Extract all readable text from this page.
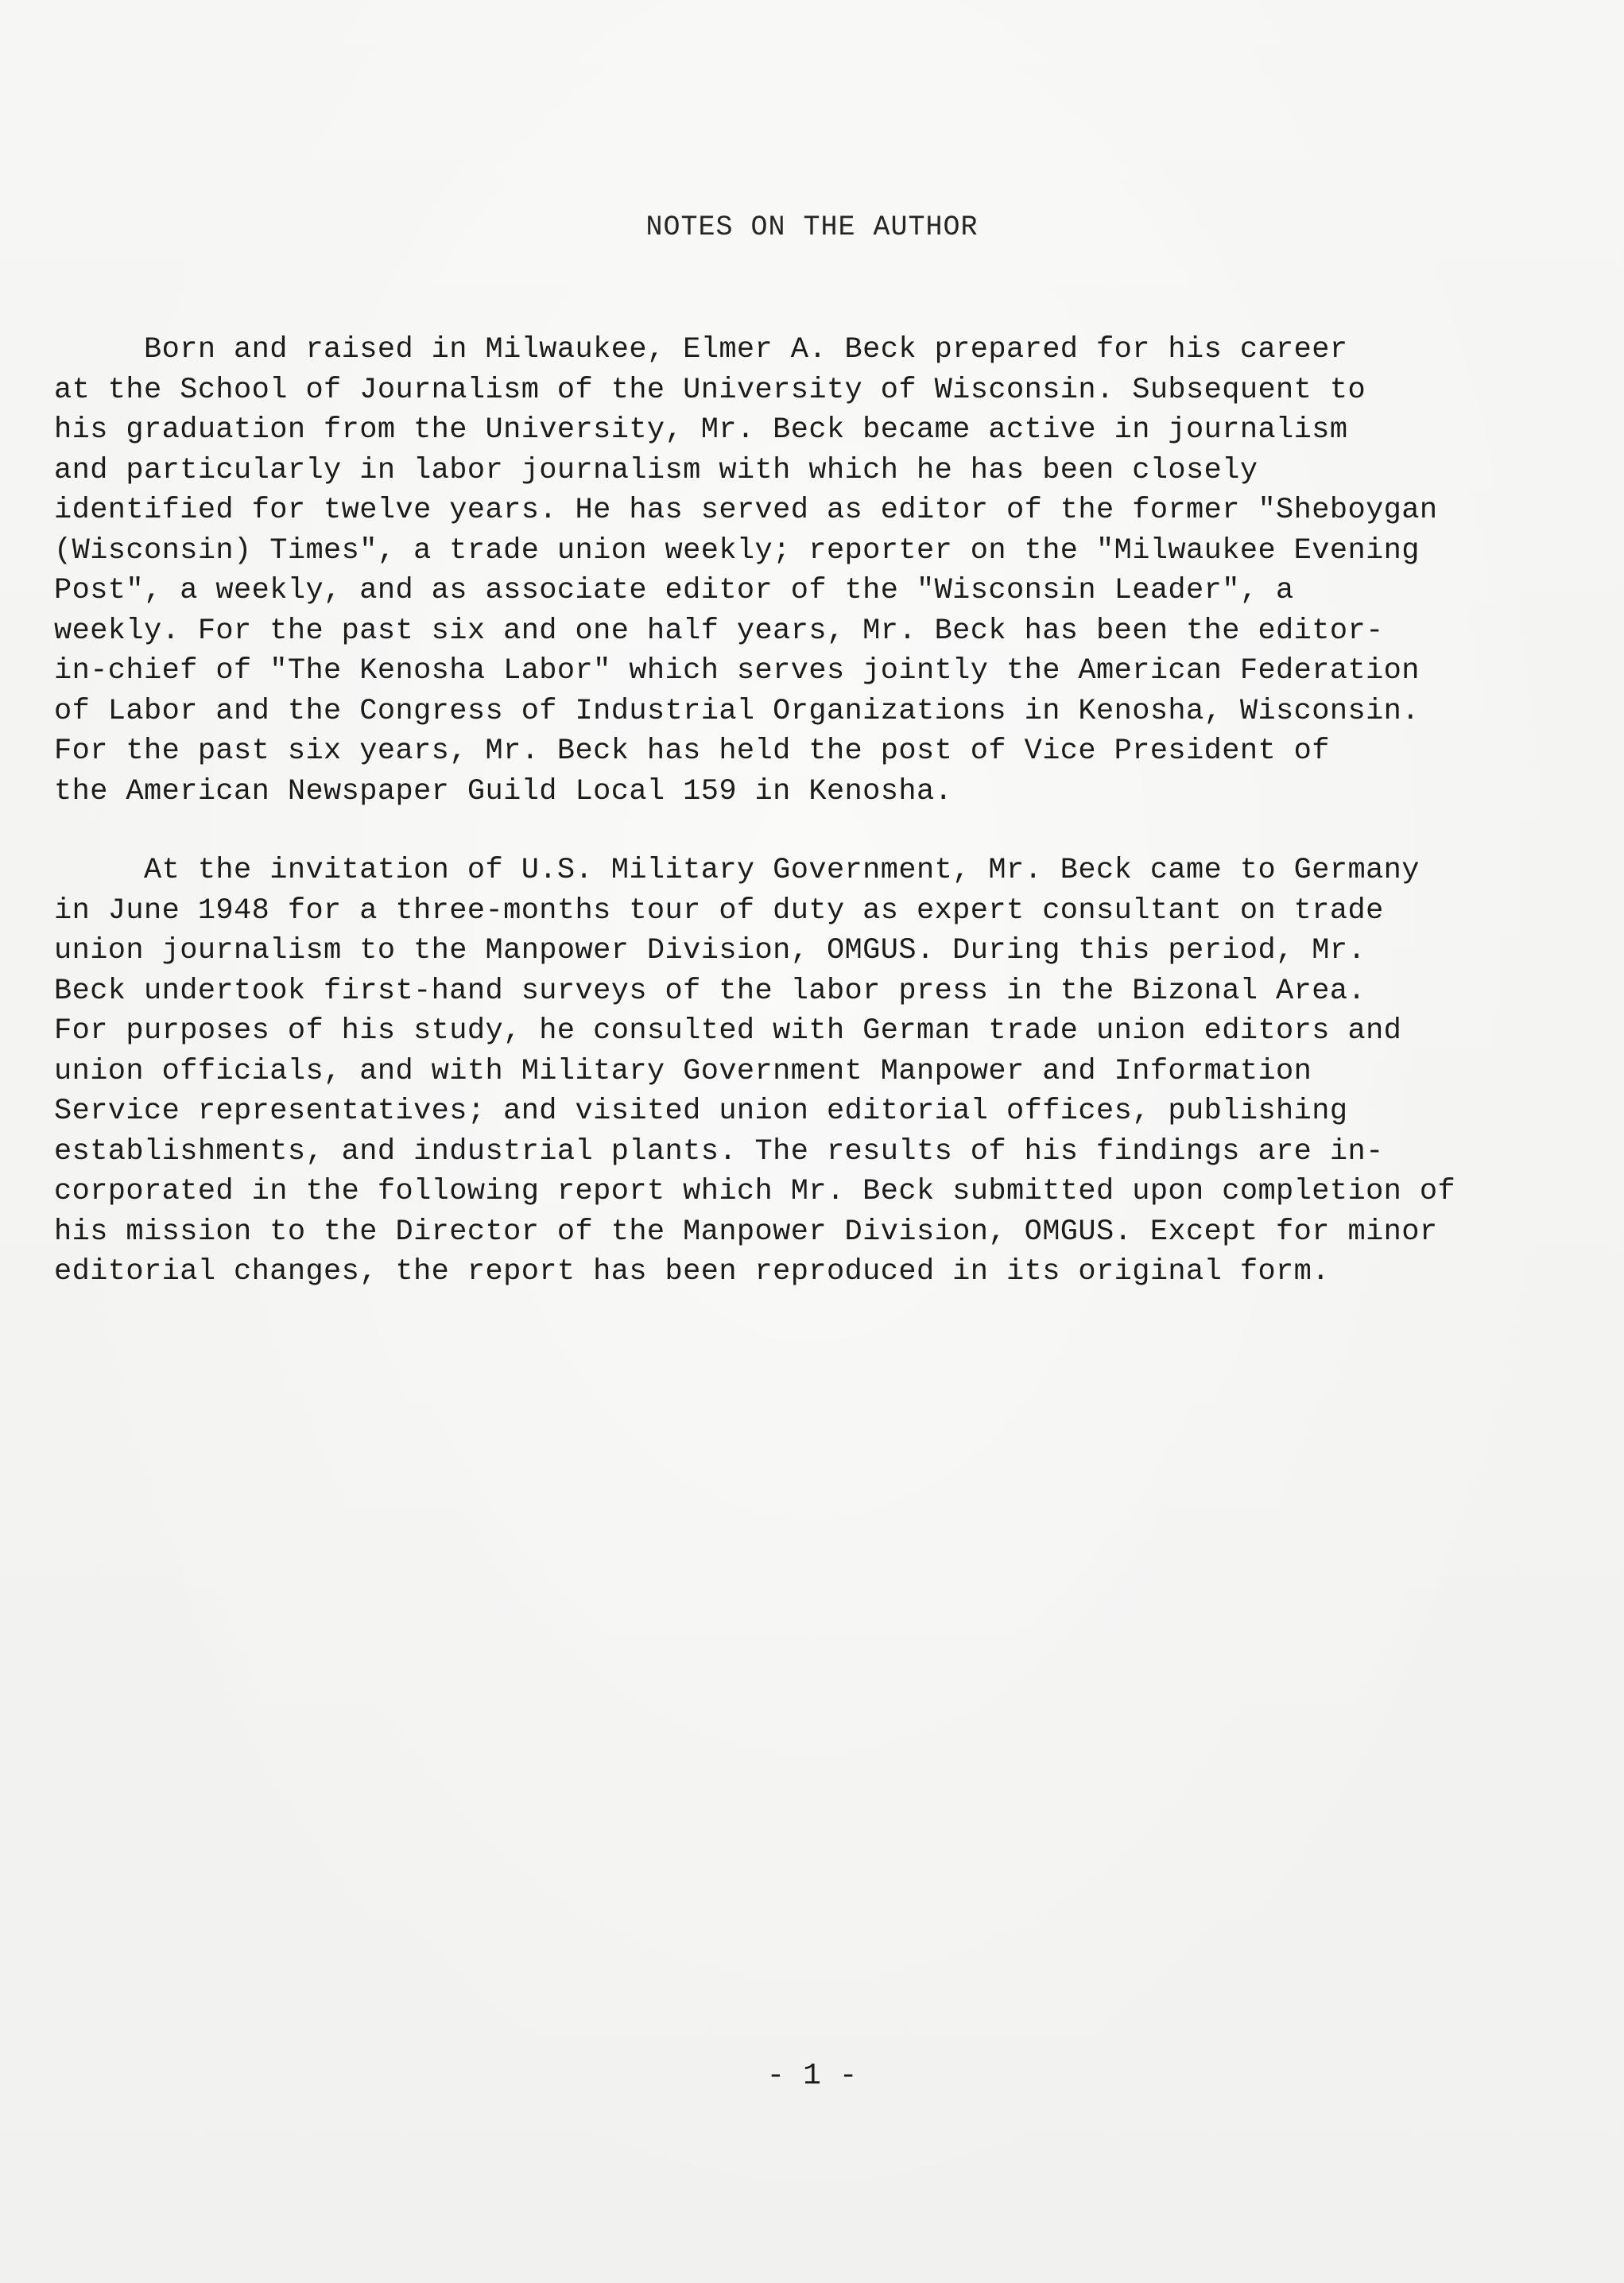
NOTES ON THE AUTHOR
Born and raised in Milwaukee, Elmer A. Beck prepared for his career
at the School of Journalism of the University of Wisconsin. Subsequent to
his graduation from the University, Mr. Beck became active in journalism
and particularly in labor journalism with which he has been closely
identified for twelve years. He has served as editor of the former "Sheboygan
(Wisconsin) Times", a trade union weekly; reporter on the "Milwaukee Evening
Post", a weekly, and as associate editor of the "Wisconsin Leader", a
weekly. For the past six and one half years, Mr. Beck has been the editor-
in-chief of "The Kenosha Labor" which serves jointly the American Federation
of Labor and the Congress of Industrial Organizations in Kenosha, Wisconsin.
For the past six years, Mr. Beck has held the post of Vice President of
the American Newspaper Guild Local 159 in Kenosha.
At the invitation of U.S. Military Government, Mr. Beck came to Germany
in June 1948 for a three-months tour of duty as expert consultant on trade
union journalism to the Manpower Division, OMGUS. During this period, Mr.
Beck undertook first-hand surveys of the labor press in the Bizonal Area.
For purposes of his study, he consulted with German trade union editors and
union officials, and with Military Government Manpower and Information
Service representatives; and visited union editorial offices, publishing
establishments, and industrial plants. The results of his findings are in-
corporated in the following report which Mr. Beck submitted upon completion of
his mission to the Director of the Manpower Division, OMGUS. Except for minor
editorial changes, the report has been reproduced in its original form.
- 1 -
